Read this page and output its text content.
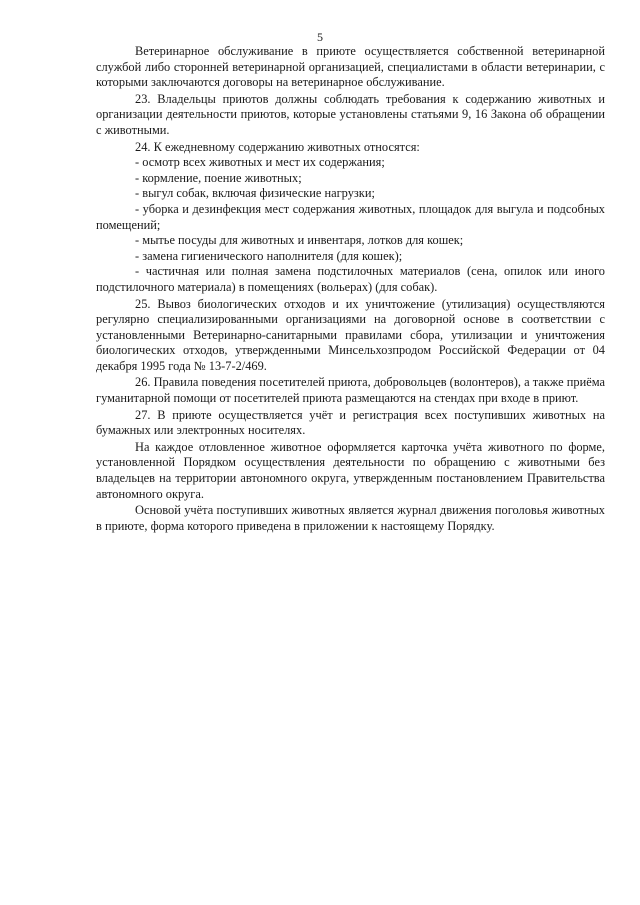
5

Ветеринарное обслуживание в приюте осуществляется собственной ветеринарной службой либо сторонней ветеринарной организацией, специалистами в области ветеринарии, с которыми заключаются договоры на ветеринарное обслуживание.

23. Владельцы приютов должны соблюдать требования к содержанию животных и организации деятельности приютов, которые установлены статьями 9, 16 Закона об обращении с животными.

24. К ежедневному содержанию животных относятся:

- осмотр всех животных и мест их содержания;

- кормление, поение животных;

- выгул собак, включая физические нагрузки;

- уборка и дезинфекция мест содержания животных, площадок для выгула и подсобных помещений;

- мытье посуды для животных и инвентаря, лотков для кошек;

- замена гигиенического наполнителя (для кошек);

- частичная или полная замена подстилочных материалов (сена, опилок или иного подстилочного материала) в помещениях (вольерах) (для собак).

25. Вывоз биологических отходов и их уничтожение (утилизация) осуществляются регулярно специализированными организациями на договорной основе в соответствии с установленными Ветеринарно-санитарными правилами сбора, утилизации и уничтожения биологических отходов, утвержденными Минсельхозпродом Российской Федерации от 04 декабря 1995 года № 13-7-2/469.

26. Правила поведения посетителей приюта, добровольцев (волонтеров), а также приёма гуманитарной помощи от посетителей приюта размещаются на стендах при входе в приют.

27. В приюте осуществляется учёт и регистрация всех поступивших животных на бумажных или электронных носителях.

На каждое отловленное животное оформляется карточка учёта животного по форме, установленной Порядком осуществления деятельности по обращению с животными без владельцев на территории автономного округа, утвержденным постановлением Правительства автономного округа.

Основой учёта поступивших животных является журнал движения поголовья животных в приюте, форма которого приведена в приложении к настоящему Порядку.
